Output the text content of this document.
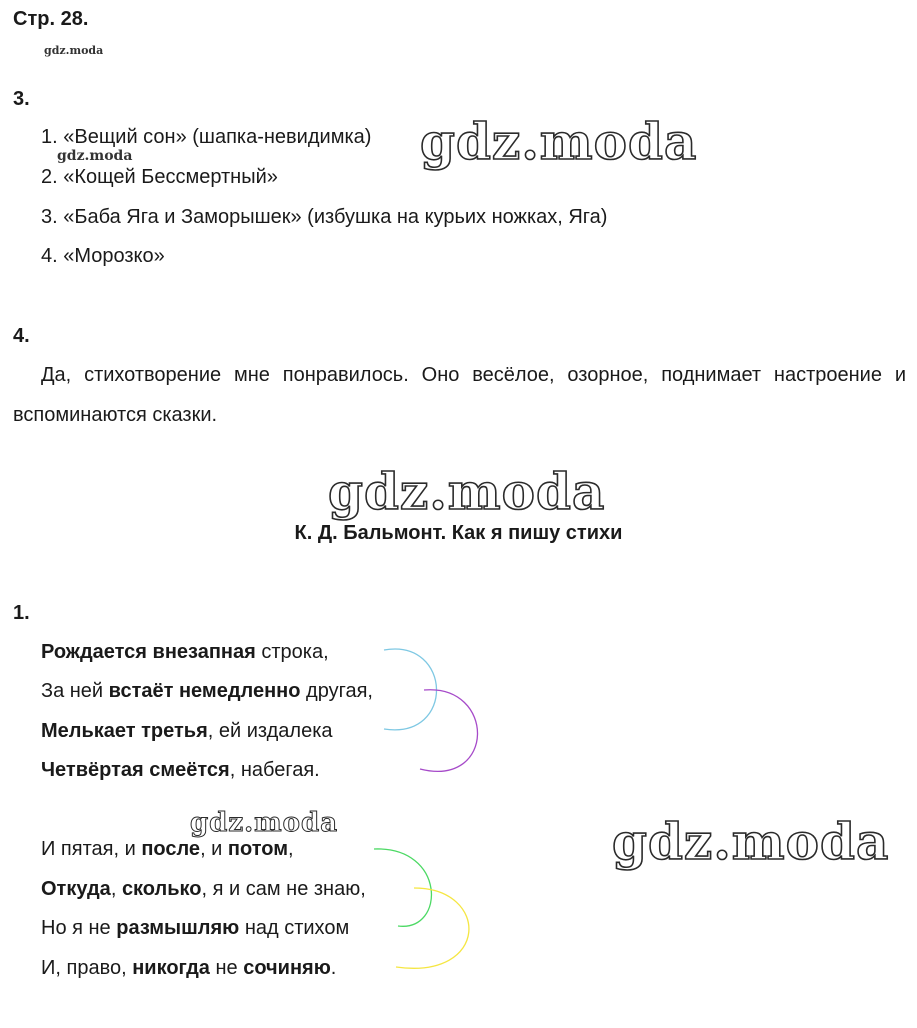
Стр. 28.
gdz.moda
3.
1. «Вещий сон» (шапка-невидимка)
gdz.moda
2. «Кощей Бессмертный»
3. «Баба Яга и Заморышек» (избушка на курьих ножках, Яга)
4. «Морозко»
gdz.moda
4.
Да, стихотворение мне понравилось. Оно весёлое, озорное, поднимает настроение и вспоминаются сказки.
gdz.moda
К. Д. Бальмонт. Как я пишу стихи
1.
Рождается внезапная строка,
За ней встаёт немедленно другая,
Мелькает третья, ей издалека
Четвёртая смеётся, набегая.
gdz.moda
И пятая, и после, и потом,
Откуда, сколько, я и сам не знаю,
Но я не размышляю над стихом
И, право, никогда не сочиняю.
gdz.moda
